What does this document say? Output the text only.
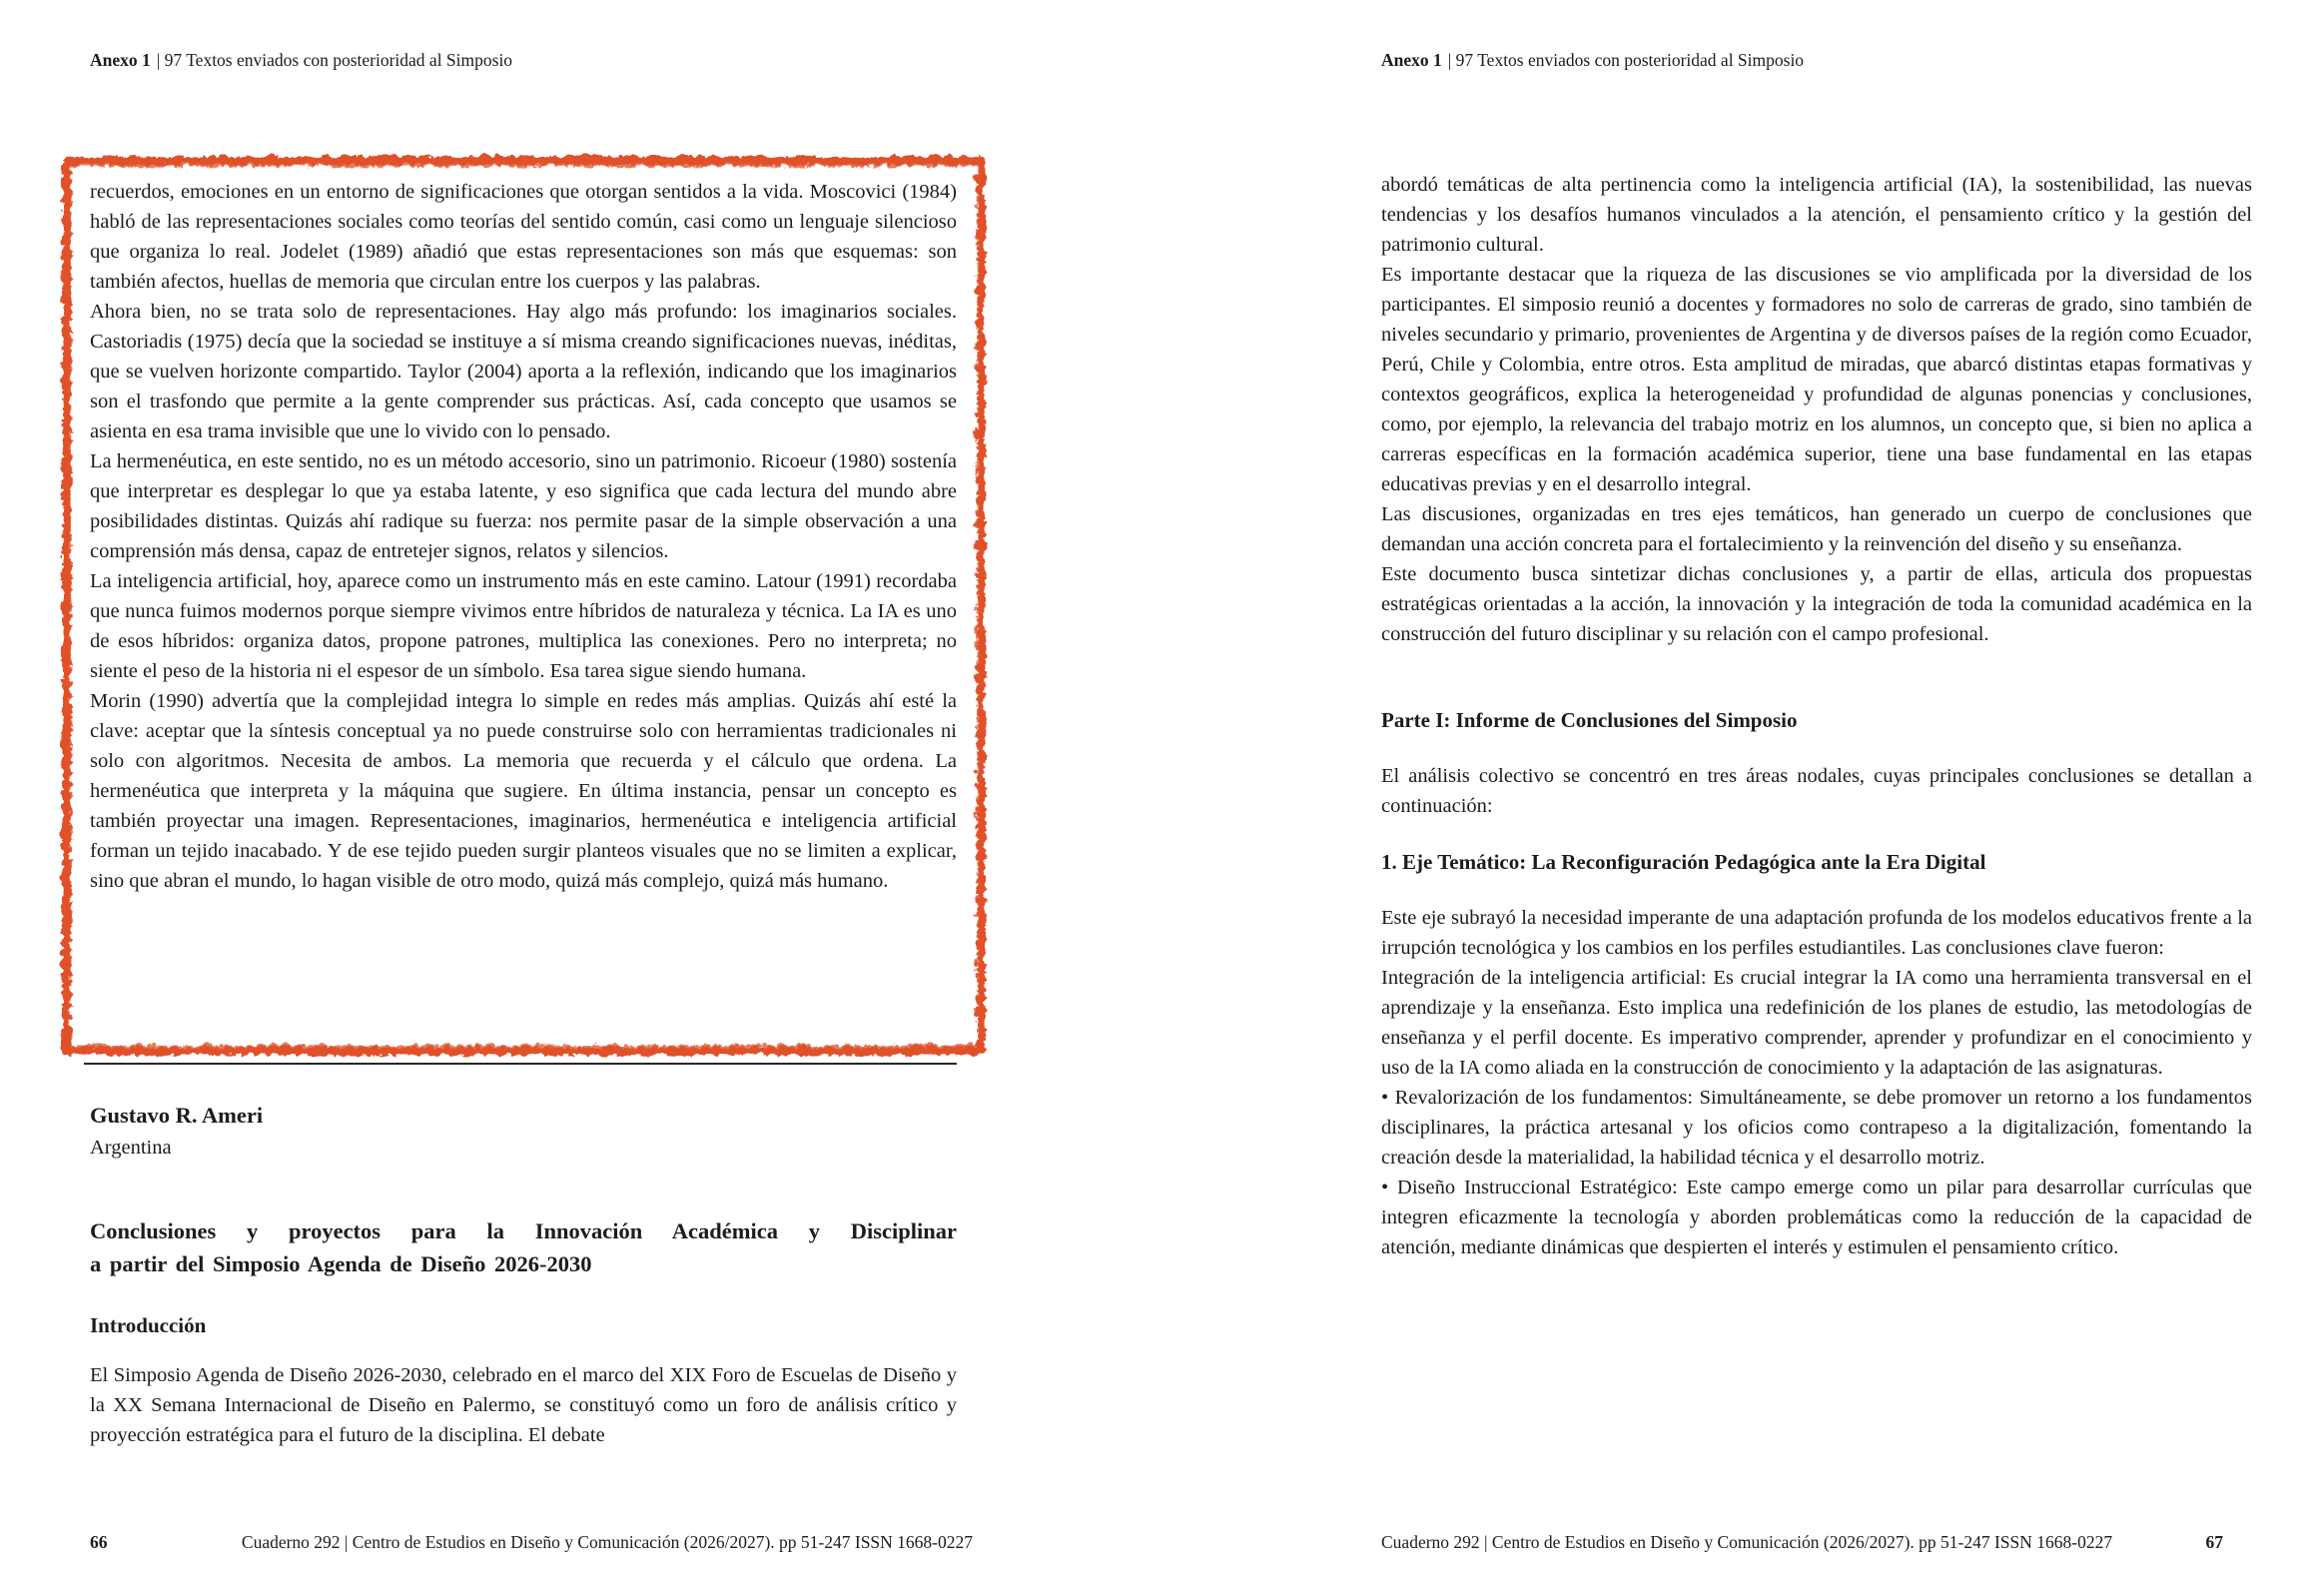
Anexo 1 | 97 Textos enviados con posterioridad al Simposio

recuerdos, emociones en un entorno de significaciones que otorgan sentidos a la vida. Moscovici (1984) habló de las representaciones sociales como teorías del sentido común, casi como un lenguaje silencioso que organiza lo real. Jodelet (1989) añadió que estas representaciones son más que esquemas: son también afectos, huellas de memoria que circulan entre los cuerpos y las palabras.

Ahora bien, no se trata solo de representaciones. Hay algo más profundo: los imaginarios sociales. Castoriadis (1975) decía que la sociedad se instituye a sí misma creando significaciones nuevas, inéditas, que se vuelven horizonte compartido. Taylor (2004) aporta a la reflexión, indicando que los imaginarios son el trasfondo que permite a la gente comprender sus prácticas. Así, cada concepto que usamos se asienta en esa trama invisible que une lo vivido con lo pensado.

La hermenéutica, en este sentido, no es un método accesorio, sino un patrimonio. Ricoeur (1980) sostenía que interpretar es desplegar lo que ya estaba latente, y eso significa que cada lectura del mundo abre posibilidades distintas. Quizás ahí radique su fuerza: nos permite pasar de la simple observación a una comprensión más densa, capaz de entretejer signos, relatos y silencios.

La inteligencia artificial, hoy, aparece como un instrumento más en este camino. Latour (1991) recordaba que nunca fuimos modernos porque siempre vivimos entre híbridos de naturaleza y técnica. La IA es uno de esos híbridos: organiza datos, propone patrones, multiplica las conexiones. Pero no interpreta; no siente el peso de la historia ni el espesor de un símbolo. Esa tarea sigue siendo humana.

Morin (1990) advertía que la complejidad integra lo simple en redes más amplias. Quizás ahí esté la clave: aceptar que la síntesis conceptual ya no puede construirse solo con herramientas tradicionales ni solo con algoritmos. Necesita de ambos. La memoria que recuerda y el cálculo que ordena. La hermenéutica que interpreta y la máquina que sugiere. En última instancia, pensar un concepto es también proyectar una imagen. Representaciones, imaginarios, hermenéutica e inteligencia artificial forman un tejido inacabado. Y de ese tejido pueden surgir planteos visuales que no se limiten a explicar, sino que abran el mundo, lo hagan visible de otro modo, quizá más complejo, quizá más humano.

Gustavo R. Ameri
Argentina
Conclusiones y proyectos para la Innovación Académica y Disciplinar
a partir del Simposio Agenda de Diseño 2026-2030
Introducción

El Simposio Agenda de Diseño 2026-2030, celebrado en el marco del XIX Foro de Escuelas de Diseño y la XX Semana Internacional de Diseño en Palermo, se constituyó como un foro de análisis crítico y proyección estratégica para el futuro de la disciplina. El debate

66	Cuaderno 292 | Centro de Estudios en Diseño y Comunicación (2026/2027). pp 51-247 ISSN 1668-0227
Anexo 1 | 97 Textos enviados con posterioridad al Simposio

abordó temáticas de alta pertinencia como la inteligencia artificial (IA), la sostenibilidad, las nuevas tendencias y los desafíos humanos vinculados a la atención, el pensamiento crítico y la gestión del patrimonio cultural.

Es importante destacar que la riqueza de las discusiones se vio amplificada por la diversidad de los participantes. El simposio reunió a docentes y formadores no solo de carreras de grado, sino también de niveles secundario y primario, provenientes de Argentina y de diversos países de la región como Ecuador, Perú, Chile y Colombia, entre otros. Esta amplitud de miradas, que abarcó distintas etapas formativas y contextos geográficos, explica la heterogeneidad y profundidad de algunas ponencias y conclusiones, como, por ejemplo, la relevancia del trabajo motriz en los alumnos, un concepto que, si bien no aplica a carreras específicas en la formación académica superior, tiene una base fundamental en las etapas educativas previas y en el desarrollo integral.

Las discusiones, organizadas en tres ejes temáticos, han generado un cuerpo de conclusiones que demandan una acción concreta para el fortalecimiento y la reinvención del diseño y su enseñanza.

Este documento busca sintetizar dichas conclusiones y, a partir de ellas, articula dos propuestas estratégicas orientadas a la acción, la innovación y la integración de toda la comunidad académica en la construcción del futuro disciplinar y su relación con el campo profesional.

Parte I: Informe de Conclusiones del Simposio

El análisis colectivo se concentró en tres áreas nodales, cuyas principales conclusiones se detallan a continuación:

1. Eje Temático: La Reconfiguración Pedagógica ante la Era Digital

Este eje subrayó la necesidad imperante de una adaptación profunda de los modelos educativos frente a la irrupción tecnológica y los cambios en los perfiles estudiantiles. Las conclusiones clave fueron:

Integración de la inteligencia artificial: Es crucial integrar la IA como una herramienta transversal en el aprendizaje y la enseñanza. Esto implica una redefinición de los planes de estudio, las metodologías de enseñanza y el perfil docente. Es imperativo comprender, aprender y profundizar en el conocimiento y uso de la IA como aliada en la construcción de conocimiento y la adaptación de las asignaturas.

• Revalorización de los fundamentos: Simultáneamente, se debe promover un retorno a los fundamentos disciplinares, la práctica artesanal y los oficios como contrapeso a la digitalización, fomentando la creación desde la materialidad, la habilidad técnica y el desarrollo motriz.

• Diseño Instruccional Estratégico: Este campo emerge como un pilar para desarrollar currículas que integren eficazmente la tecnología y aborden problemáticas como la reducción de la capacidad de atención, mediante dinámicas que despierten el interés y estimulen el pensamiento crítico.

Cuaderno 292 | Centro de Estudios en Diseño y Comunicación (2026/2027). pp 51-247 ISSN 1668-0227	67
